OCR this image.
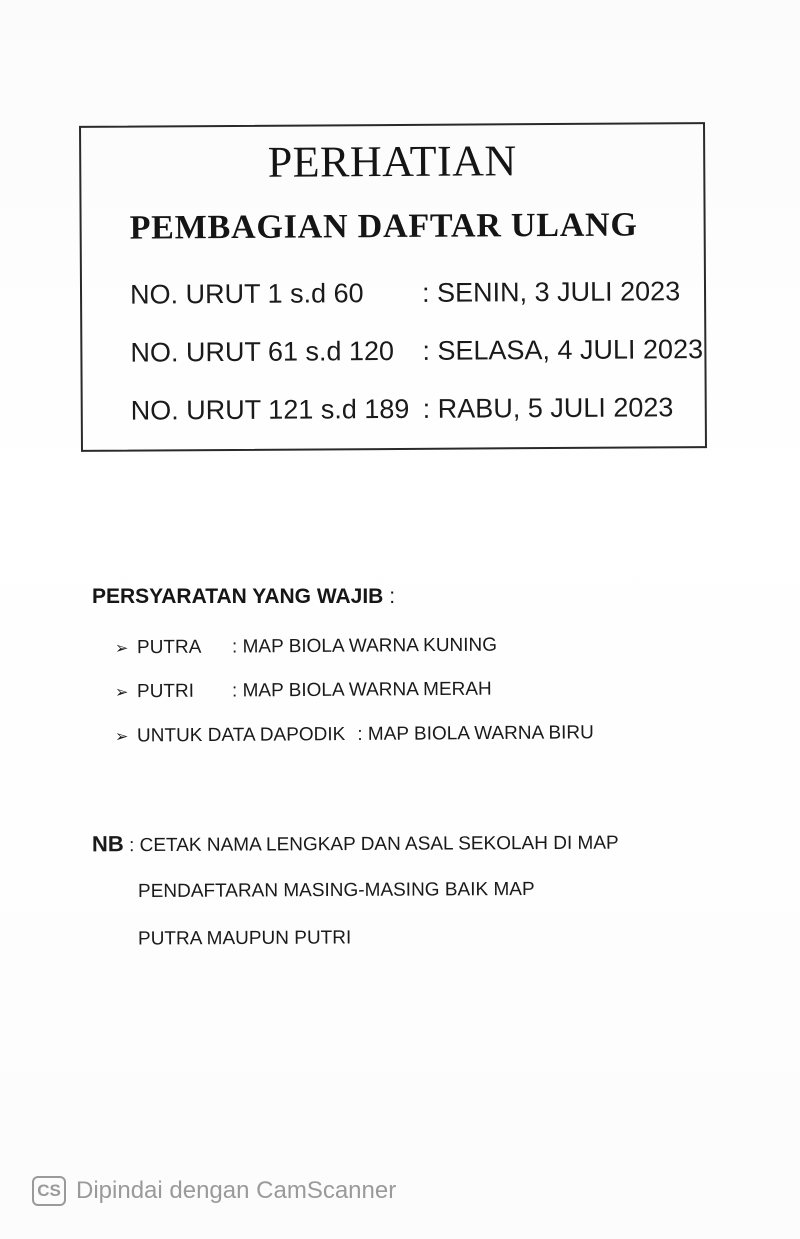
PERHATIAN
PEMBAGIAN DAFTAR ULANG
NO. URUT 1 s.d 60 : SENIN, 3 JULI 2023
NO. URUT 61 s.d 120 : SELASA, 4 JULI 2023
NO. URUT 121 s.d 189 : RABU, 5 JULI 2023
PERSYARATAN YANG WAJIB :
➢ PUTRA : MAP BIOLA WARNA KUNING
➢ PUTRI : MAP BIOLA WARNA MERAH
➢ UNTUK DATA DAPODIK : MAP BIOLA WARNA BIRU
NB : CETAK NAMA LENGKAP DAN ASAL SEKOLAH DI MAP
PENDAFTARAN MASING-MASING BAIK MAP
PUTRA MAUPUN PUTRI
CS Dipindai dengan CamScanner
